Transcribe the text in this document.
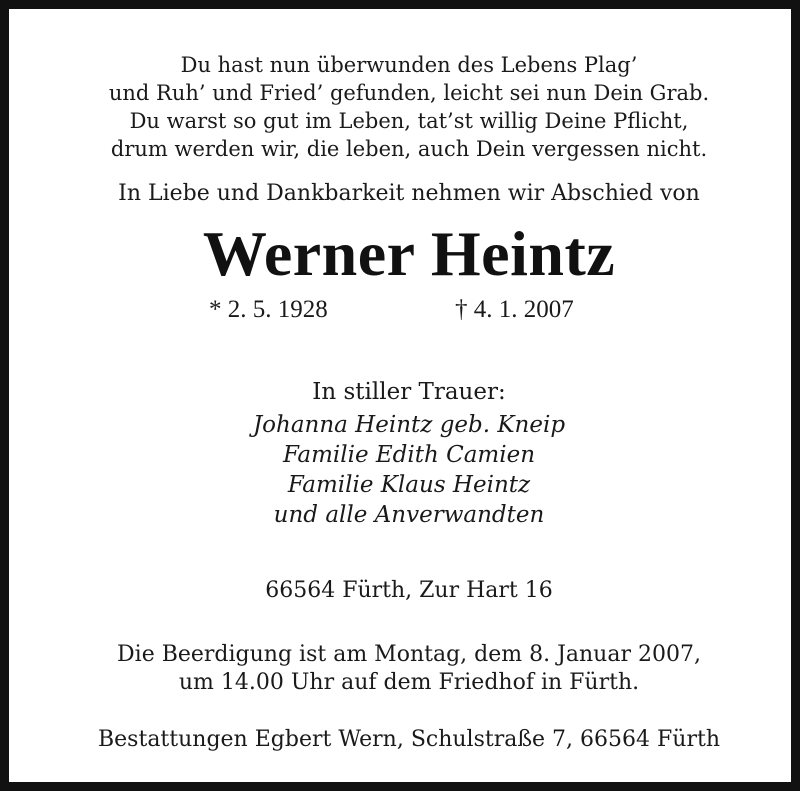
Du hast nun überwunden des Lebens Plag’
und Ruh’ und Fried’ gefunden, leicht sei nun Dein Grab.
Du warst so gut im Leben, tat’st willig Deine Pflicht,
drum werden wir, die leben, auch Dein vergessen nicht.
In Liebe und Dankbarkeit nehmen wir Abschied von
Werner Heintz
* 2. 5. 1928	† 4. 1. 2007
In stiller Trauer:
Johanna Heintz geb. Kneip
Familie Edith Camien
Familie Klaus Heintz
und alle Anverwandten
66564 Fürth, Zur Hart 16
Die Beerdigung ist am Montag, dem 8. Januar 2007,
um 14.00 Uhr auf dem Friedhof in Fürth.
Bestattungen Egbert Wern, Schulstraße 7, 66564 Fürth
